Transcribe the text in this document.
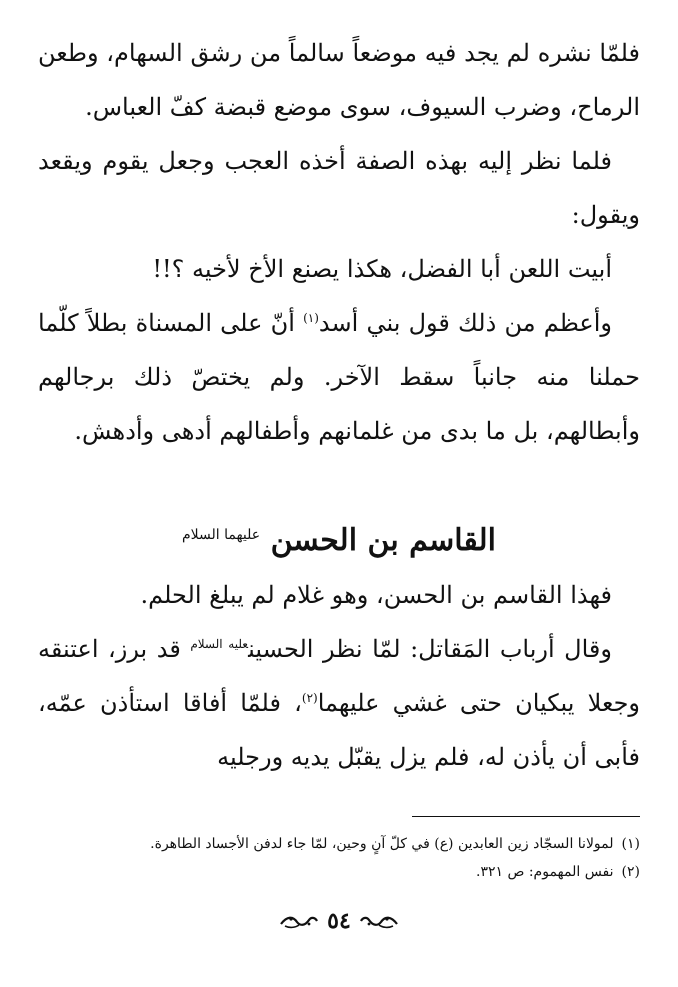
فلمّا نشره لم يجد فيه موضعاً سالماً من رشق السهام، وطعن الرماح، وضرب السيوف، سوى موضع قبضة كفّ العباس.

فلما نظر إليه بهذه الصفة أخذه العجب وجعل يقوم ويقعد ويقول:

أبيت اللعن أبا الفضل، هكذا يصنع الأخ لأخيه ؟!!

وأعظم من ذلك قول بني أسد$^{(١)}$ أنّ على المسناة بطلاً كلّما حملنا منه جانباً سقط الآخر. ولم يختصّ ذلك برجالهم وأبطالهم، بل ما بدى من غلمانهم وأطفالهم أدهى وأدهش.

القاسم بن الحسن $^{عليهما السلام}$

فهذا القاسم بن الحسن، وهو غلام لم يبلغ الحلم.

وقال أرباب المَقاتل: لمّا نظر الحسين$^{عليه السلام}$ قد برز، اعتنقه وجعلا يبكيان حتى غشي عليهما$^{(٢)}$، فلمّا أفاقا استأذن عمّه، فأبى أن يأذن له، فلم يزل يقبّل يديه ورجليه

(١)
لمولانا السجّاد زين العابدين (ع) في كلّ آنٍ وحين، لمّا جاء لدفن الأجساد الطاهرة.

(٢)
نفس المهموم: ص ٣٢١.

٥٤
